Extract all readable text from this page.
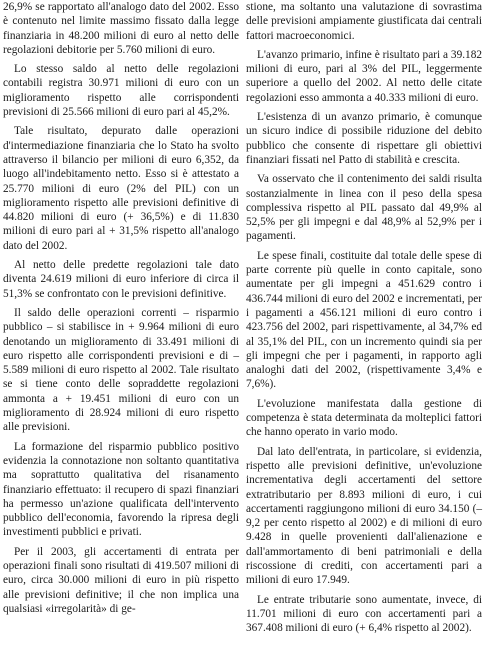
26,9% se rapportato all'analogo dato del 2002. Esso è contenuto nel limite massimo fissato dalla legge finanziaria in 48.200 milioni di euro al netto delle regolazioni debitorie per 5.760 milioni di euro.

Lo stesso saldo al netto delle regolazioni contabili registra 30.971 milioni di euro con un miglioramento rispetto alle corrispondenti previsioni di 25.566 milioni di euro pari al 45,2%.

Tale risultato, depurato dalle operazioni d'intermediazione finanziaria che lo Stato ha svolto attraverso il bilancio per milioni di euro 6,352, da luogo all'indebitamento netto. Esso si è attestato a 25.770 milioni di euro (2% del PIL) con un miglioramento rispetto alle previsioni definitive di 44.820 milioni di euro (+ 36,5%) e di 11.830 milioni di euro pari al + 31,5% rispetto all'analogo dato del 2002.

Al netto delle predette regolazioni tale dato diventa 24.619 milioni di euro inferiore di circa il 51,3% se confrontato con le previsioni definitive.

Il saldo delle operazioni correnti – risparmio pubblico – si stabilisce in + 9.964 milioni di euro denotando un miglioramento di 33.491 milioni di euro rispetto alle corrispondenti previsioni e di – 5.589 milioni di euro rispetto al 2002. Tale risultato se si tiene conto delle sopraddette regolazioni ammonta a + 19.451 milioni di euro con un miglioramento di 28.924 milioni di euro rispetto alle previsioni.

La formazione del risparmio pubblico positivo evidenzia la connotazione non soltanto quantitativa ma soprattutto qualitativa del risanamento finanziario effettuato: il recupero di spazi finanziari ha permesso un'azione qualificata dell'intervento pubblico dell'economia, favorendo la ripresa degli investimenti pubblici e privati.

Per il 2003, gli accertamenti di entrata per operazioni finali sono risultati di 419.507 milioni di euro, circa 30.000 milioni di euro in più rispetto alle previsioni definitive; il che non implica una qualsiasi «irregolarità» di ge-

stione, ma soltanto una valutazione di sovrastima delle previsioni ampiamente giustificata dai centrali fattori macroeconomici.

L'avanzo primario, infine è risultato pari a 39.182 milioni di euro, pari al 3% del PIL, leggermente superiore a quello del 2002. Al netto delle citate regolazioni esso ammonta a 40.333 milioni di euro.

L'esistenza di un avanzo primario, è comunque un sicuro indice di possibile riduzione del debito pubblico che consente di rispettare gli obiettivi finanziari fissati nel Patto di stabilità e crescita.

Va osservato che il contenimento dei saldi risulta sostanzialmente in linea con il peso della spesa complessiva rispetto al PIL passato dal 49,9% al 52,5% per gli impegni e dal 48,9% al 52,9% per i pagamenti.

Le spese finali, costituite dal totale delle spese di parte corrente più quelle in conto capitale, sono aumentate per gli impegni a 451.629 contro i 436.744 milioni di euro del 2002 e incrementati, per i pagamenti a 456.121 milioni di euro contro i 423.756 del 2002, pari rispettivamente, al 34,7% ed al 35,1% del PIL, con un incremento quindi sia per gli impegni che per i pagamenti, in rapporto agli analoghi dati del 2002, (rispettivamente 3,4% e 7,6%).

L'evoluzione manifestata dalla gestione di competenza è stata determinata da molteplici fattori che hanno operato in vario modo.

Dal lato dell'entrata, in particolare, si evidenzia, rispetto alle previsioni definitive, un'evoluzione incrementativa degli accertamenti del settore extratributario per 8.893 milioni di euro, i cui accertamenti raggiungono milioni di euro 34.150 (– 9,2 per cento rispetto al 2002) e di milioni di euro 9.428 in quelle provenienti dall'alienazione e dall'ammortamento di beni patrimoniali e della riscossione di crediti, con accertamenti pari a milioni di euro 17.949.

Le entrate tributarie sono aumentate, invece, di 11.701 milioni di euro con accertamenti pari a 367.408 milioni di euro (+ 6,4% rispetto al 2002).
